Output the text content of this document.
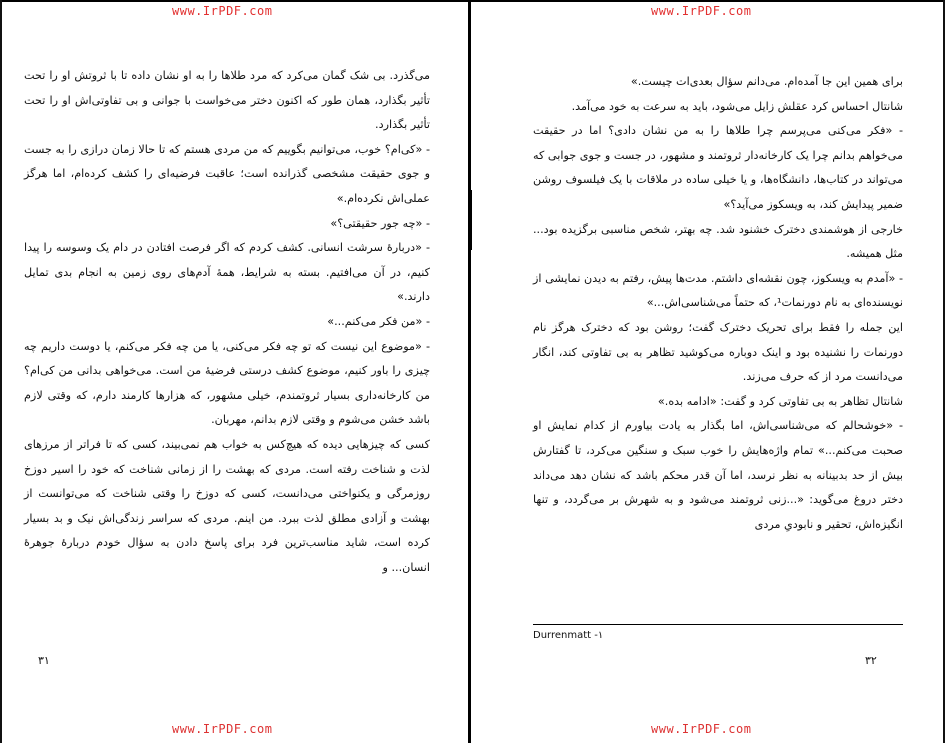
www.IrPDF.com

می‌گذرد. بی شک گمان می‌کرد که مرد طلاها را به او نشان داده تا با ثروتش او را تحت تأثیر بگذارد، همان طور که اکنون دختر می‌خواست با جوانی و بی تفاوتی‌اش او را تحت تأثیر بگذارد.

- «کی‌ام؟ خوب، می‌توانیم بگوییم که من مردی هستم که تا حالا زمان درازی را به جست و جوی حقیقت مشخصی گذرانده است؛ عاقبت فرضیه‌ای را کشف کرده‌ام، اما هرگز عملی‌اش نکرده‌ام.»

- «چه جور حقیقتی؟»

- «دربارهٔ سرشت انسانی. کشف کردم که اگر فرصت افتادن در دام یک وسوسه را پیدا کنیم، در آن می‌افتیم. بسته به شرایط، همهٔ آدم‌های روی زمین به انجام بدی تمایل دارند.»

- «من فکر می‌کنم...»

- «موضوع این نیست که تو چه فکر می‌کنی، یا من چه فکر می‌کنم، یا دوست داریم چه چیزی را باور کنیم، موضوع کشف درستی فرضیهٔ من است. می‌خواهی بدانی من کی‌ام؟ من کارخانه‌داری بسیار ثروتمندم، خیلی مشهور، که هزارها کارمند دارم، که وقتی لازم باشد خشن می‌شوم و وقتی لازم بدانم، مهربان.

کسی که چیزهایی دیده که هیچ‌کس به خواب هم نمی‌بیند، کسی که تا فراتر از مرزهای لذت و شناخت رفته است. مردی که بهشت را از زمانی شناخت که خود را اسیر دوزخ روزمرگی و یکنواختی می‌دانست، کسی که دوزخ را وقتی شناخت که می‌توانست از بهشت و آزادی مطلق لذت ببرد. من اینم. مردی که سراسر زندگی‌اش نیک و بد بسیار کرده است، شاید مناسب‌ترین فرد برای پاسخ دادن به سؤال خودم دربارهٔ جوهرهٔ انسان... و

۳۱
www.IrPDF.com
www.IrPDF.com

برای همین این جا آمده‌ام. می‌دانم سؤال بعدی‌ات چیست.»

شانتال احساس کرد عقلش زایل می‌شود، باید به سرعت به خود می‌آمد.

- «فکر می‌کنی می‌پرسم چرا طلاها را به من نشان دادی؟ اما در حقیقت می‌خواهم بدانم چرا یک کارخانه‌دار ثروتمند و مشهور، در جست و جوی جوابی که می‌تواند در کتاب‌ها، دانشگاه‌ها، و یا خیلی ساده در ملاقات با یک فیلسوف روشن ضمیر پیدایش کند، به ویسکوز می‌آید؟»

خارجی از هوشمندی دخترک خشنود شد. چه بهتر، شخص مناسبی برگزیده بود... مثل همیشه.

- «آمدم به ویسکوز، چون نقشه‌ای داشتم. مدت‌ها پیش، رفتم به دیدن نمایشی از نویسنده‌ای به نام دورنمات¹، که حتماً می‌شناسی‌اش...»

این جمله را فقط برای تحریک دخترک گفت؛ روشن بود که دخترک هرگز نام دورنمات را نشنیده بود و اینک دوباره می‌کوشید تظاهر به بی تفاوتی کند، انگار می‌دانست مرد از که حرف می‌زند.

شانتال تظاهر به بی تفاوتی کرد و گفت: «ادامه بده.»

- «خوشحالم که می‌شناسی‌اش، اما بگذار به یادت بیاورم از کدام نمایش او صحبت می‌کنم...» تمام واژه‌هایش را خوب سبک و سنگین می‌کرد، تا گفتارش بیش از حد بدبینانه به نظر نرسد، اما آن قدر محکم باشد که نشان دهد می‌داند دختر دروغ می‌گوید: «...زنی ثروتمند می‌شود و به شهرش بر می‌گردد، و تنها انگیزه‌اش، تحقیر و نابودیِ مردی

Durrenmatt -۱
۳۲
www.IrPDF.com
